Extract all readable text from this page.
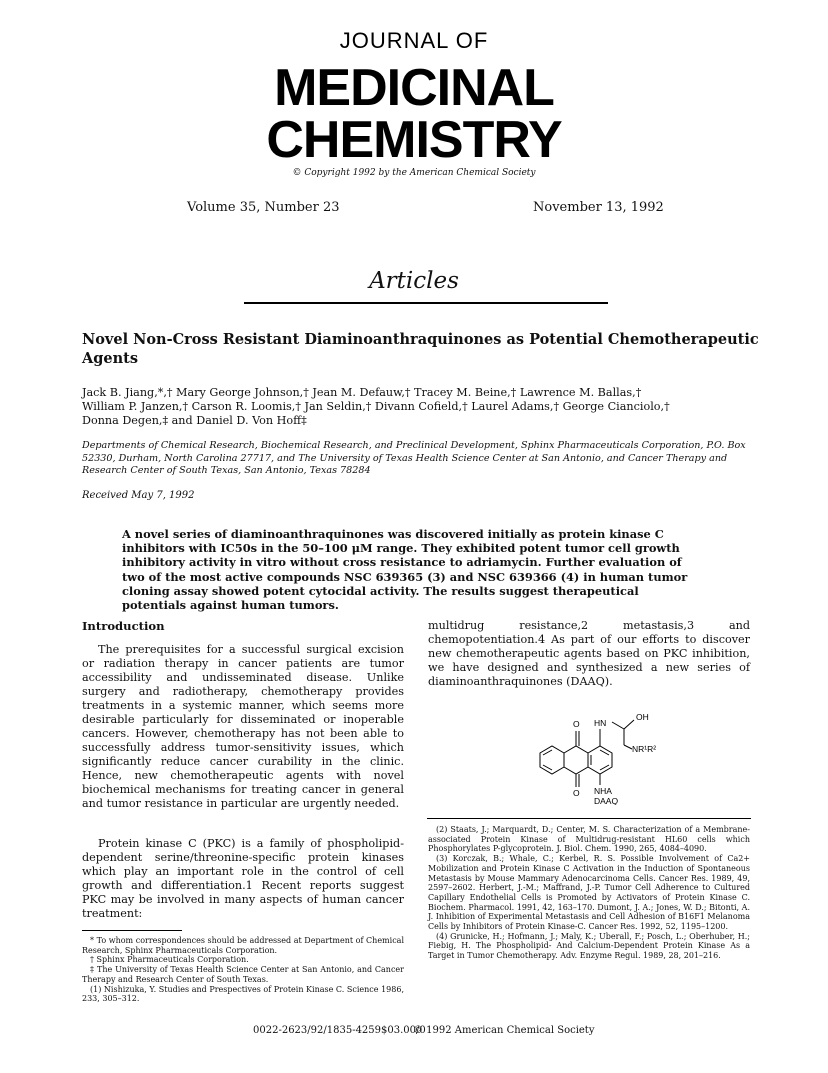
JOURNAL OF
MEDICINAL
CHEMISTRY
© Copyright 1992 by the American Chemical Society
Volume 35, Number 23	November 13, 1992
Articles
Novel Non-Cross Resistant Diaminoanthraquinones as Potential Chemotherapeutic Agents
Jack B. Jiang,*,† Mary George Johnson,† Jean M. Defauw,† Tracey M. Beine,† Lawrence M. Ballas,†
William P. Janzen,† Carson R. Loomis,† Jan Seldin,† Divann Cofield,† Laurel Adams,† George Cianciolo,†
Donna Degen,‡ and Daniel D. Von Hoff‡
Departments of Chemical Research, Biochemical Research, and Preclinical Development, Sphinx Pharmaceuticals Corporation, P.O. Box 52330, Durham, North Carolina 27717, and The University of Texas Health Science Center at San Antonio, and Cancer Therapy and Research Center of South Texas, San Antonio, Texas 78284
Received May 7, 1992
A novel series of diaminoanthraquinones was discovered initially as protein kinase C inhibitors with IC50s in the 50–100 μM range. They exhibited potent tumor cell growth inhibitory activity in vitro without cross resistance to adriamycin. Further evaluation of two of the most active compounds NSC 639365 (3) and NSC 639366 (4) in human tumor cloning assay showed potent cytocidal activity. The results suggest therapeutical potentials against human tumors.
Introduction
The prerequisites for a successful surgical excision or radiation therapy in cancer patients are tumor accessibility and undisseminated disease. Unlike surgery and radiotherapy, chemotherapy provides treatments in a systemic manner, which seems more desirable particularly for disseminated or inoperable cancers. However, chemotherapy has not been able to successfully address tumor-sensitivity issues, which significantly reduce cancer curability in the clinic. Hence, new chemotherapeutic agents with novel biochemical mechanisms for treating cancer in general and tumor resistance in particular are urgently needed.
Protein kinase C (PKC) is a family of phospholipid-dependent serine/threonine-specific protein kinases which play an important role in the control of cell growth and differentiation.1 Recent reports suggest PKC may be involved in many aspects of human cancer treatment:
* To whom correspondences should be addressed at Department of Chemical Research, Sphinx Pharmaceuticals Corporation.
† Sphinx Pharmaceuticals Corporation.
‡ The University of Texas Health Science Center at San Antonio, and Cancer Therapy and Research Center of South Texas.
(1) Nishizuka, Y. Studies and Prespectives of Protein Kinase C. Science 1986, 233, 305–312.
multidrug resistance,2 metastasis,3 and chemopotentiation.4 As part of our efforts to discover new chemotherapeutic agents based on PKC inhibition, we have designed and synthesized a new series of diaminoanthraquinones (DAAQ).
O HN
OH
NR¹R²
O NHA
DAAQ
(2) Staats, J.; Marquardt, D.; Center, M. S. Characterization of a Membrane-associated Protein Kinase of Multidrug-resistant HL60 cells which Phosphorylates P-glycoprotein. J. Biol. Chem. 1990, 265, 4084–4090.
(3) Korczak, B.; Whale, C.; Kerbel, R. S. Possible Involvement of Ca2+ Mobilization and Protein Kinase C Activation in the Induction of Spontaneous Metastasis by Mouse Mammary Adenocarcinoma Cells. Cancer Res. 1989, 49, 2597–2602. Herbert, J.-M.; Maffrand, J.-P. Tumor Cell Adherence to Cultured Capillary Endothelial Cells is Promoted by Activators of Protein Kinase C. Biochem. Pharmacol. 1991, 42, 163–170. Dumont, J. A.; Jones, W. D.; Bitonti, A. J. Inhibition of Experimental Metastasis and Cell Adhesion of B16F1 Melanoma Cells by Inhibitors of Protein Kinase-C. Cancer Res. 1992, 52, 1195–1200.
(4) Grunicke, H.; Hofmann, J.; Maly, K.; Uberall, F.; Posch, L.; Oberhuber, H.; Fiebig, H. The Phospholipid- And Calcium-Dependent Protein Kinase As a Target in Tumor Chemotherapy. Adv. Enzyme Regul. 1989, 28, 201–216.
0022-2623/92/1835-4259$03.00/0
© 1992 American Chemical Society
